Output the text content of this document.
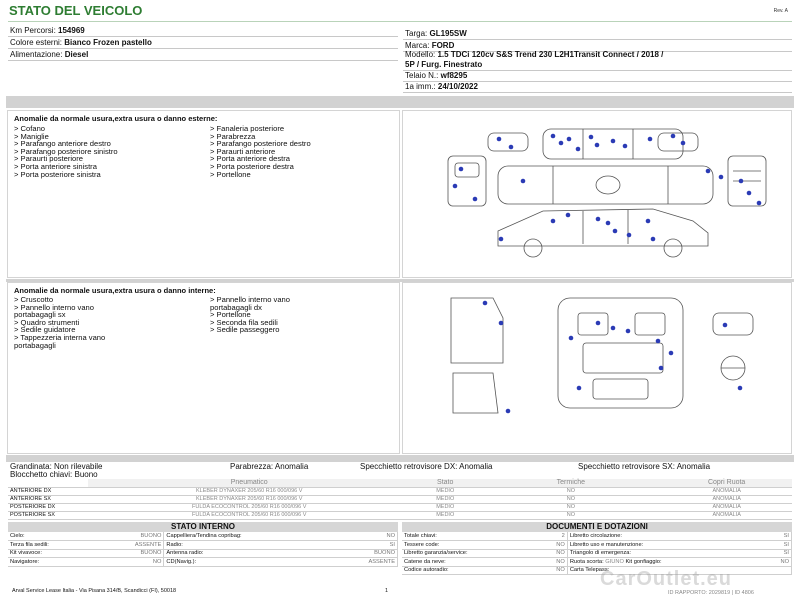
STATO DEL VEICOLO	Rev. A
Km Percorsi: 154969
Colore esterni: Bianco Frozen pastello
Alimentazione: Diesel
Targa: GL195SW
Marca: FORD
Modello: 1.5 TDCi 120cv S&S Trend 230 L2H1Transit Connect / 2018 /
5P / Furg. Finestrato
Telaio N.: wf8295
1a imm.: 24/10/2022
Anomalie da normale usura,extra usura o danno esterne:
> Cofano
> Maniglie
> Parafango anteriore destro
> Parafango posteriore sinistro
> Paraurti posteriore
> Porta anteriore sinistra
> Porta posteriore sinistra
> Fanaleria posteriore
> Parabrezza
> Parafango posteriore destro
> Paraurti anteriore
> Porta anteriore destra
> Porta posteriore destra
> Portellone
Anomalie da normale usura,extra usura o danno interne:
> Cruscotto
> Pannello interno vano
portabagagli sx
> Quadro strumenti
> Sedile guidatore
> Tappezzeria interna vano
portabagagli
> Pannello interno vano
portabagagli dx
> Portellone
> Seconda fila sedili
> Sedile passeggero
Grandinata: Non rilevabile
Blocchetto chiavi: Buono
Parabrezza: Anomalia	Specchietto retrovisore DX: Anomalia	Specchietto retrovisore SX: Anomalia
	Pneumatico	Stato	Termiche	Copri Ruota
ANTERIORE DX	KLEBER DYNAXER 205/60 R16 000/096 V	MEDIO	NO	ANOMALIA
ANTERIORE SX	KLEBER DYNAXER 205/60 R16 000/096 V	MEDIO	NO	ANOMALIA
POSTERIORE DX	FULDA ECOCONTROL 205/60 R16 000/096 V	MEDIO	NO	ANOMALIA
POSTERIORE SX	FULDA ECOCONTROL 205/60 R16 000/096 V	MEDIO	NO	ANOMALIA
STATO INTERNO
Cielo:	BUONO	Cappelliera/Tendina copribag:	NO
Terza fila sedili:	ASSENTE	Radio:	SI
Kit vivavoce:	BUONO	Antenna radio:	BUONO
Navigatore:	NO	CD(Navig.):	ASSENTE
DOCUMENTI E DOTAZIONI
Totale chiavi:	2	Libretto circolazione:	SI
Tessere code:	NO	Libretto uso e manutenzione:	SI
Libretto garanzia/service:	NO	Triangolo di emergenza:	SI
Catene da neve:	NO	Ruota scorta: GIUNO Kit gonfiaggio:	NO
Codice autoradio:	NO	Carta Telepass:	
Arval Service Lease Italia - Via Pisana 314/B, Scandicci (FI), 50018	1	ID RAPPORTO: 2029819 | ID 4806
CarOutlet.eu
